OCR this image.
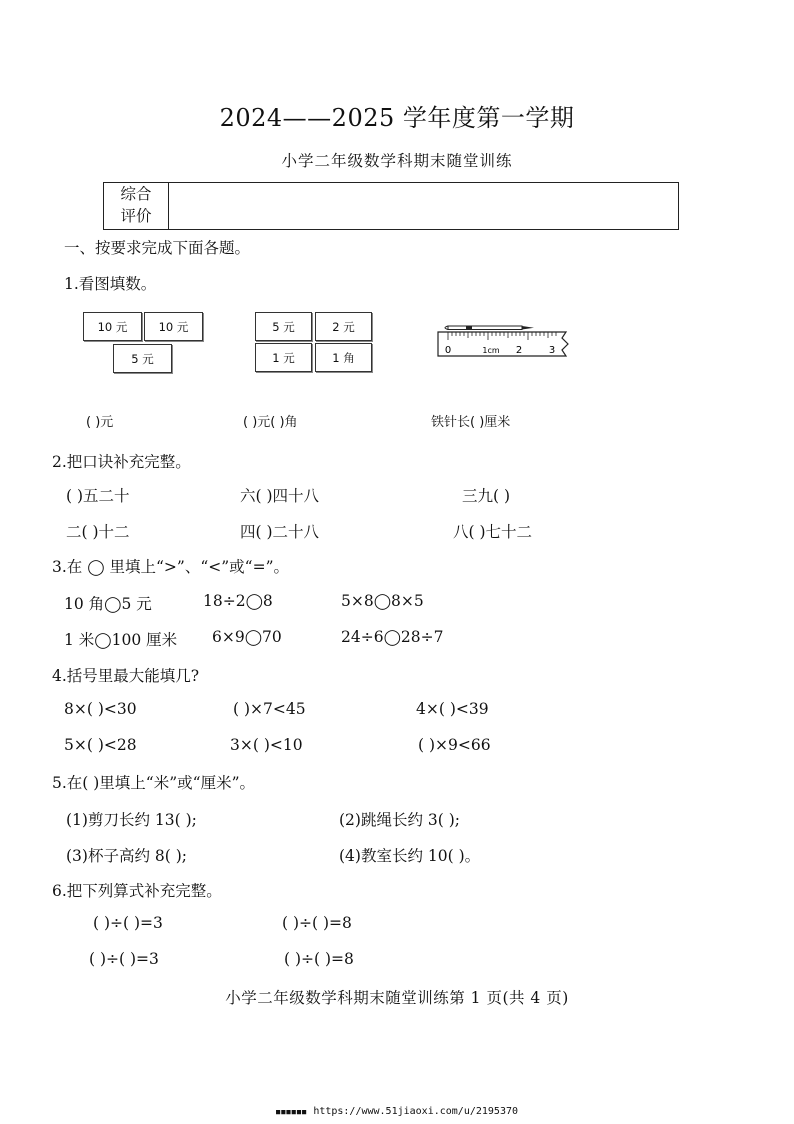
2024——2025 学年度第一学期
小学二年级数学科期末随堂训练
综合
评价
一、按要求完成下面各题。
1.看图填数。
10 元	10 元
5 元
5 元	2 元
1 元	1 角	0	1cm 2	3
( )元	( )元( )角	铁针长( )厘米
2.把口诀补充完整。
( )五二十	六( )四十八	三九( )
二( )十二	四( )二十八	八( )七十二
3.在 ◯ 里填上“>”、“<”或“=”。
10 角◯5 元	18÷2◯8	5×8◯8×5
1 米◯100 厘米 6×9◯70	24÷6◯28÷7
4.括号里最大能填几?
8×( )<30	( )×7<45	4×( )<39
5×( )<28	3×( )<10	( )×9<66
5.在( )里填上“米”或“厘米”。
(1)剪刀长约 13( );	(2)跳绳长约 3( );
(3)杯子高约 8( );	(4)教室长约 10( )。
6.把下列算式补充完整。
( )÷( )=3	( )÷( )=8
( )÷( )=3	( )÷( )=8
小学二年级数学科期末随堂训练第 1 页(共 4 页)
■■■■■■ https://www.51jiaoxi.com/u/2195370
